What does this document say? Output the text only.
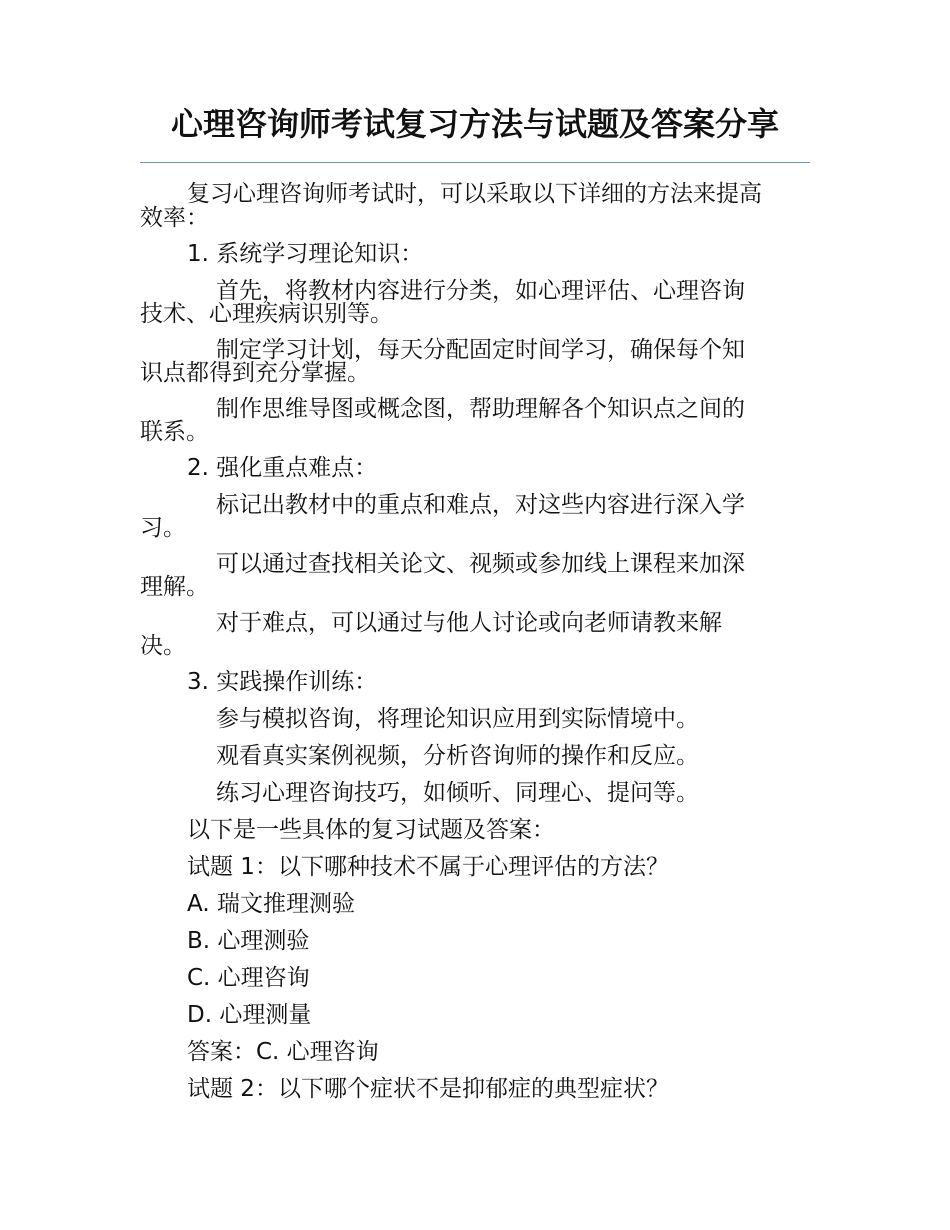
心理咨询师考试复习方法与试题及答案分享
复习心理咨询师考试时，可以采取以下详细的方法来提高
效率：
1. 系统学习理论知识：
首先，将教材内容进行分类，如心理评估、心理咨询
技术、心理疾病识别等。
制定学习计划，每天分配固定时间学习，确保每个知
识点都得到充分掌握。
制作思维导图或概念图，帮助理解各个知识点之间的
联系。
2. 强化重点难点：
标记出教材中的重点和难点，对这些内容进行深入学
习。
可以通过查找相关论文、视频或参加线上课程来加深
理解。
对于难点，可以通过与他人讨论或向老师请教来解
决。
3. 实践操作训练：
参与模拟咨询，将理论知识应用到实际情境中。
观看真实案例视频，分析咨询师的操作和反应。
练习心理咨询技巧，如倾听、同理心、提问等。
以下是一些具体的复习试题及答案：
试题 1：以下哪种技术不属于心理评估的方法？
A. 瑞文推理测验
B. 心理测验
C. 心理咨询
D. 心理测量
答案：C. 心理咨询
试题 2：以下哪个症状不是抑郁症的典型症状？
